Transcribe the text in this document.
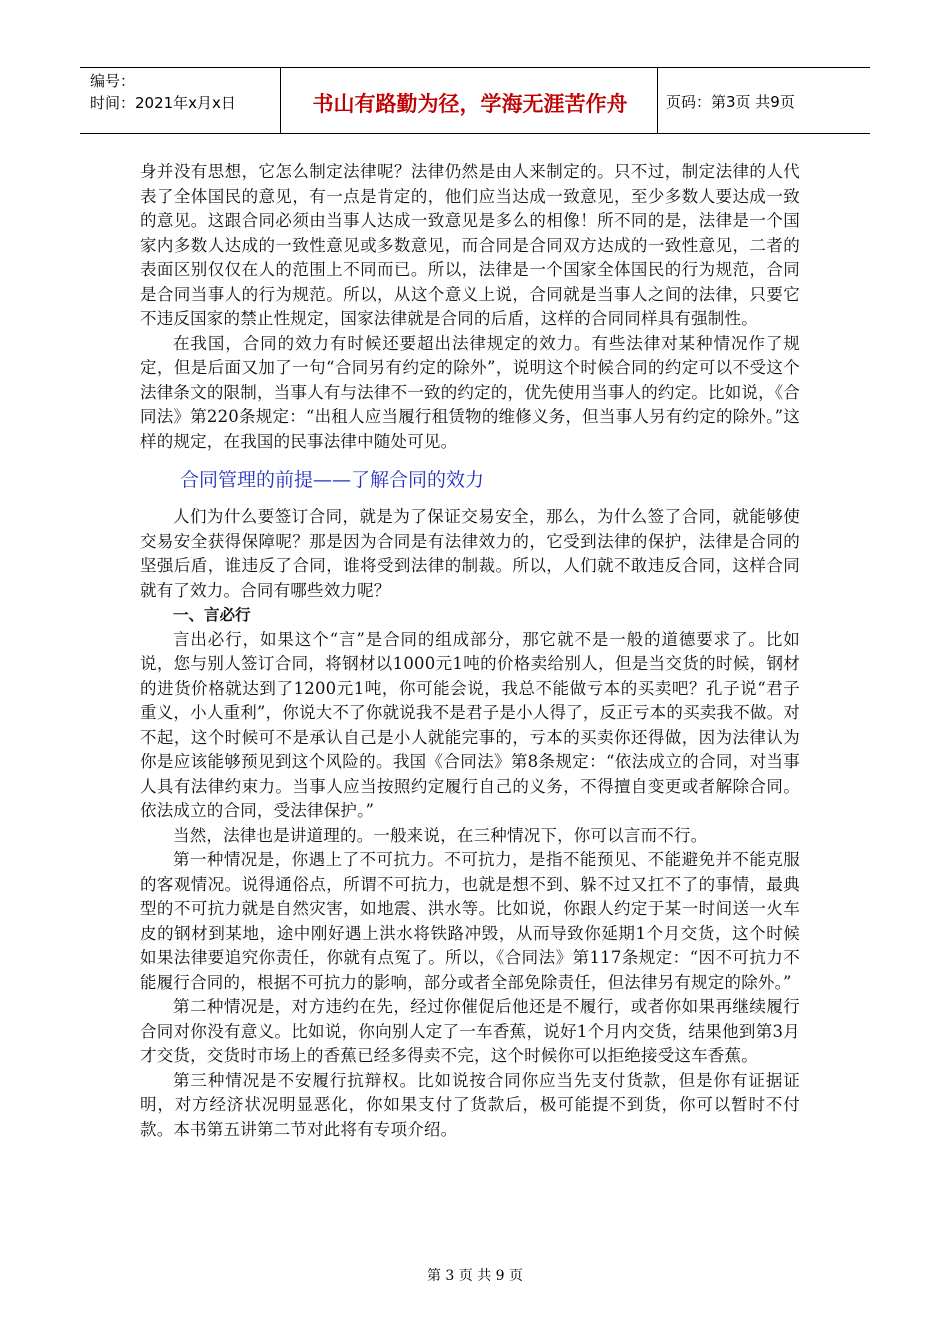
编号：
时间：2021年x月x日	书山有路勤为径，学海无涯苦作舟	页码：第3页 共9页

身并没有思想，它怎么制定法律呢？法律仍然是由人来制定的。只不过，制定法律的人代表了全体国民的意见，有一点是肯定的，他们应当达成一致意见，至少多数人要达成一致的意见。这跟合同必须由当事人达成一致意见是多么的相像！所不同的是，法律是一个国家内多数人达成的一致性意见或多数意见，而合同是合同双方达成的一致性意见，二者的表面区别仅仅在人的范围上不同而已。所以，法律是一个国家全体国民的行为规范，合同是合同当事人的行为规范。所以，从这个意义上说，合同就是当事人之间的法律，只要它不违反国家的禁止性规定，国家法律就是合同的后盾，这样的合同同样具有强制性。

在我国，合同的效力有时候还要超出法律规定的效力。有些法律对某种情况作了规定，但是后面又加了一句“合同另有约定的除外”，说明这个时候合同的约定可以不受这个法律条文的限制，当事人有与法律不一致的约定的，优先使用当事人的约定。比如说，《合同法》第220条规定：“出租人应当履行租赁物的维修义务，但当事人另有约定的除外。”这样的规定，在我国的民事法律中随处可见。

合同管理的前提——了解合同的效力

人们为什么要签订合同，就是为了保证交易安全，那么，为什么签了合同，就能够使交易安全获得保障呢？那是因为合同是有法律效力的，它受到法律的保护，法律是合同的坚强后盾，谁违反了合同，谁将受到法律的制裁。所以，人们就不敢违反合同，这样合同就有了效力。合同有哪些效力呢？

一、言必行

言出必行，如果这个“言”是合同的组成部分，那它就不是一般的道德要求了。比如说，您与别人签订合同，将钢材以1000元1吨的价格卖给别人，但是当交货的时候，钢材的进货价格就达到了1200元1吨，你可能会说，我总不能做亏本的买卖吧？孔子说“君子重义，小人重利”，你说大不了你就说我不是君子是小人得了，反正亏本的买卖我不做。对不起，这个时候可不是承认自己是小人就能完事的，亏本的买卖你还得做，因为法律认为你是应该能够预见到这个风险的。我国《合同法》第8条规定：“依法成立的合同，对当事人具有法律约束力。当事人应当按照约定履行自己的义务，不得擅自变更或者解除合同。依法成立的合同，受法律保护。”

当然，法律也是讲道理的。一般来说，在三种情况下，你可以言而不行。

第一种情况是，你遇上了不可抗力。不可抗力，是指不能预见、不能避免并不能克服的客观情况。说得通俗点，所谓不可抗力，也就是想不到、躲不过又扛不了的事情，最典型的不可抗力就是自然灾害，如地震、洪水等。比如说，你跟人约定于某一时间送一火车皮的钢材到某地，途中刚好遇上洪水将铁路冲毁，从而导致你延期1个月交货，这个时候如果法律要追究你责任，你就有点冤了。所以，《合同法》第117条规定：“因不可抗力不能履行合同的，根据不可抗力的影响，部分或者全部免除责任，但法律另有规定的除外。”

第二种情况是，对方违约在先，经过你催促后他还是不履行，或者你如果再继续履行合同对你没有意义。比如说，你向别人定了一车香蕉，说好1个月内交货，结果他到第3月才交货，交货时市场上的香蕉已经多得卖不完，这个时候你可以拒绝接受这车香蕉。

第三种情况是不安履行抗辩权。比如说按合同你应当先支付货款，但是你有证据证明，对方经济状况明显恶化，你如果支付了货款后，极可能提不到货，你可以暂时不付款。本书第五讲第二节对此将有专项介绍。

第 3 页 共 9 页
